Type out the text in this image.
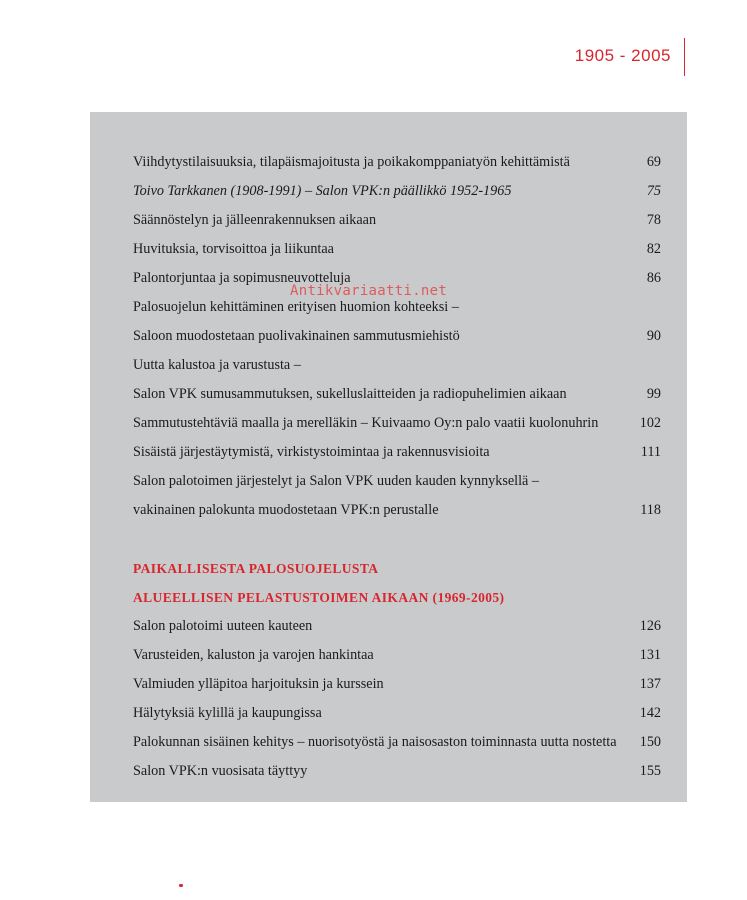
1905 - 2005
Viihdytystilaisuuksia, tilapäismajoitusta ja poikakomppaniatyön kehittämistä	69
Toivo Tarkkanen (1908-1991) – Salon VPK:n päällikkö 1952-1965	75
Säännöstelyn ja jälleenrakennuksen aikaan	78
Huvituksia, torvisoittoa ja liikuntaa	82
Palontorjuntaa ja sopimusneuvotteluja	86
Palosuojelun kehittäminen erityisen huomion kohteeksi –
Saloon muodostetaan puolivakinainen sammutusmiehistö	90
Uutta kalustoa ja varustusta –
Salon VPK sumusammutuksen, sukelluslaitteiden ja radiopuhelimien aikaan	99
Sammutustehtäviä maalla ja merelläkin – Kuivaamo Oy:n palo vaatii kuolonuhrin	102
Sisäistä järjestäytymistä, virkistystoimintaa ja rakennusvisioita	111
Salon palotoimen järjestelyt ja Salon VPK uuden kauden kynnyksellä –
vakinainen palokunta muodostetaan VPK:n perustalle	118
PAIKALLISESTA PALOSUOJELUSTA
ALUEELLISEN PELASTUSTOIMEN AIKAAN (1969-2005)
Salon palotoimi uuteen kauteen	126
Varusteiden, kaluston ja varojen hankintaa	131
Valmiuden ylläpitoa harjoituksin ja kurssein	137
Hälytyksiä kylillä ja kaupungissa	142
Palokunnan sisäinen kehitys – nuorisotyöstä ja naisosaston toiminnasta uutta nostetta 150
Salon VPK:n vuosisata täyttyy	155
Antikvariaatti.net
